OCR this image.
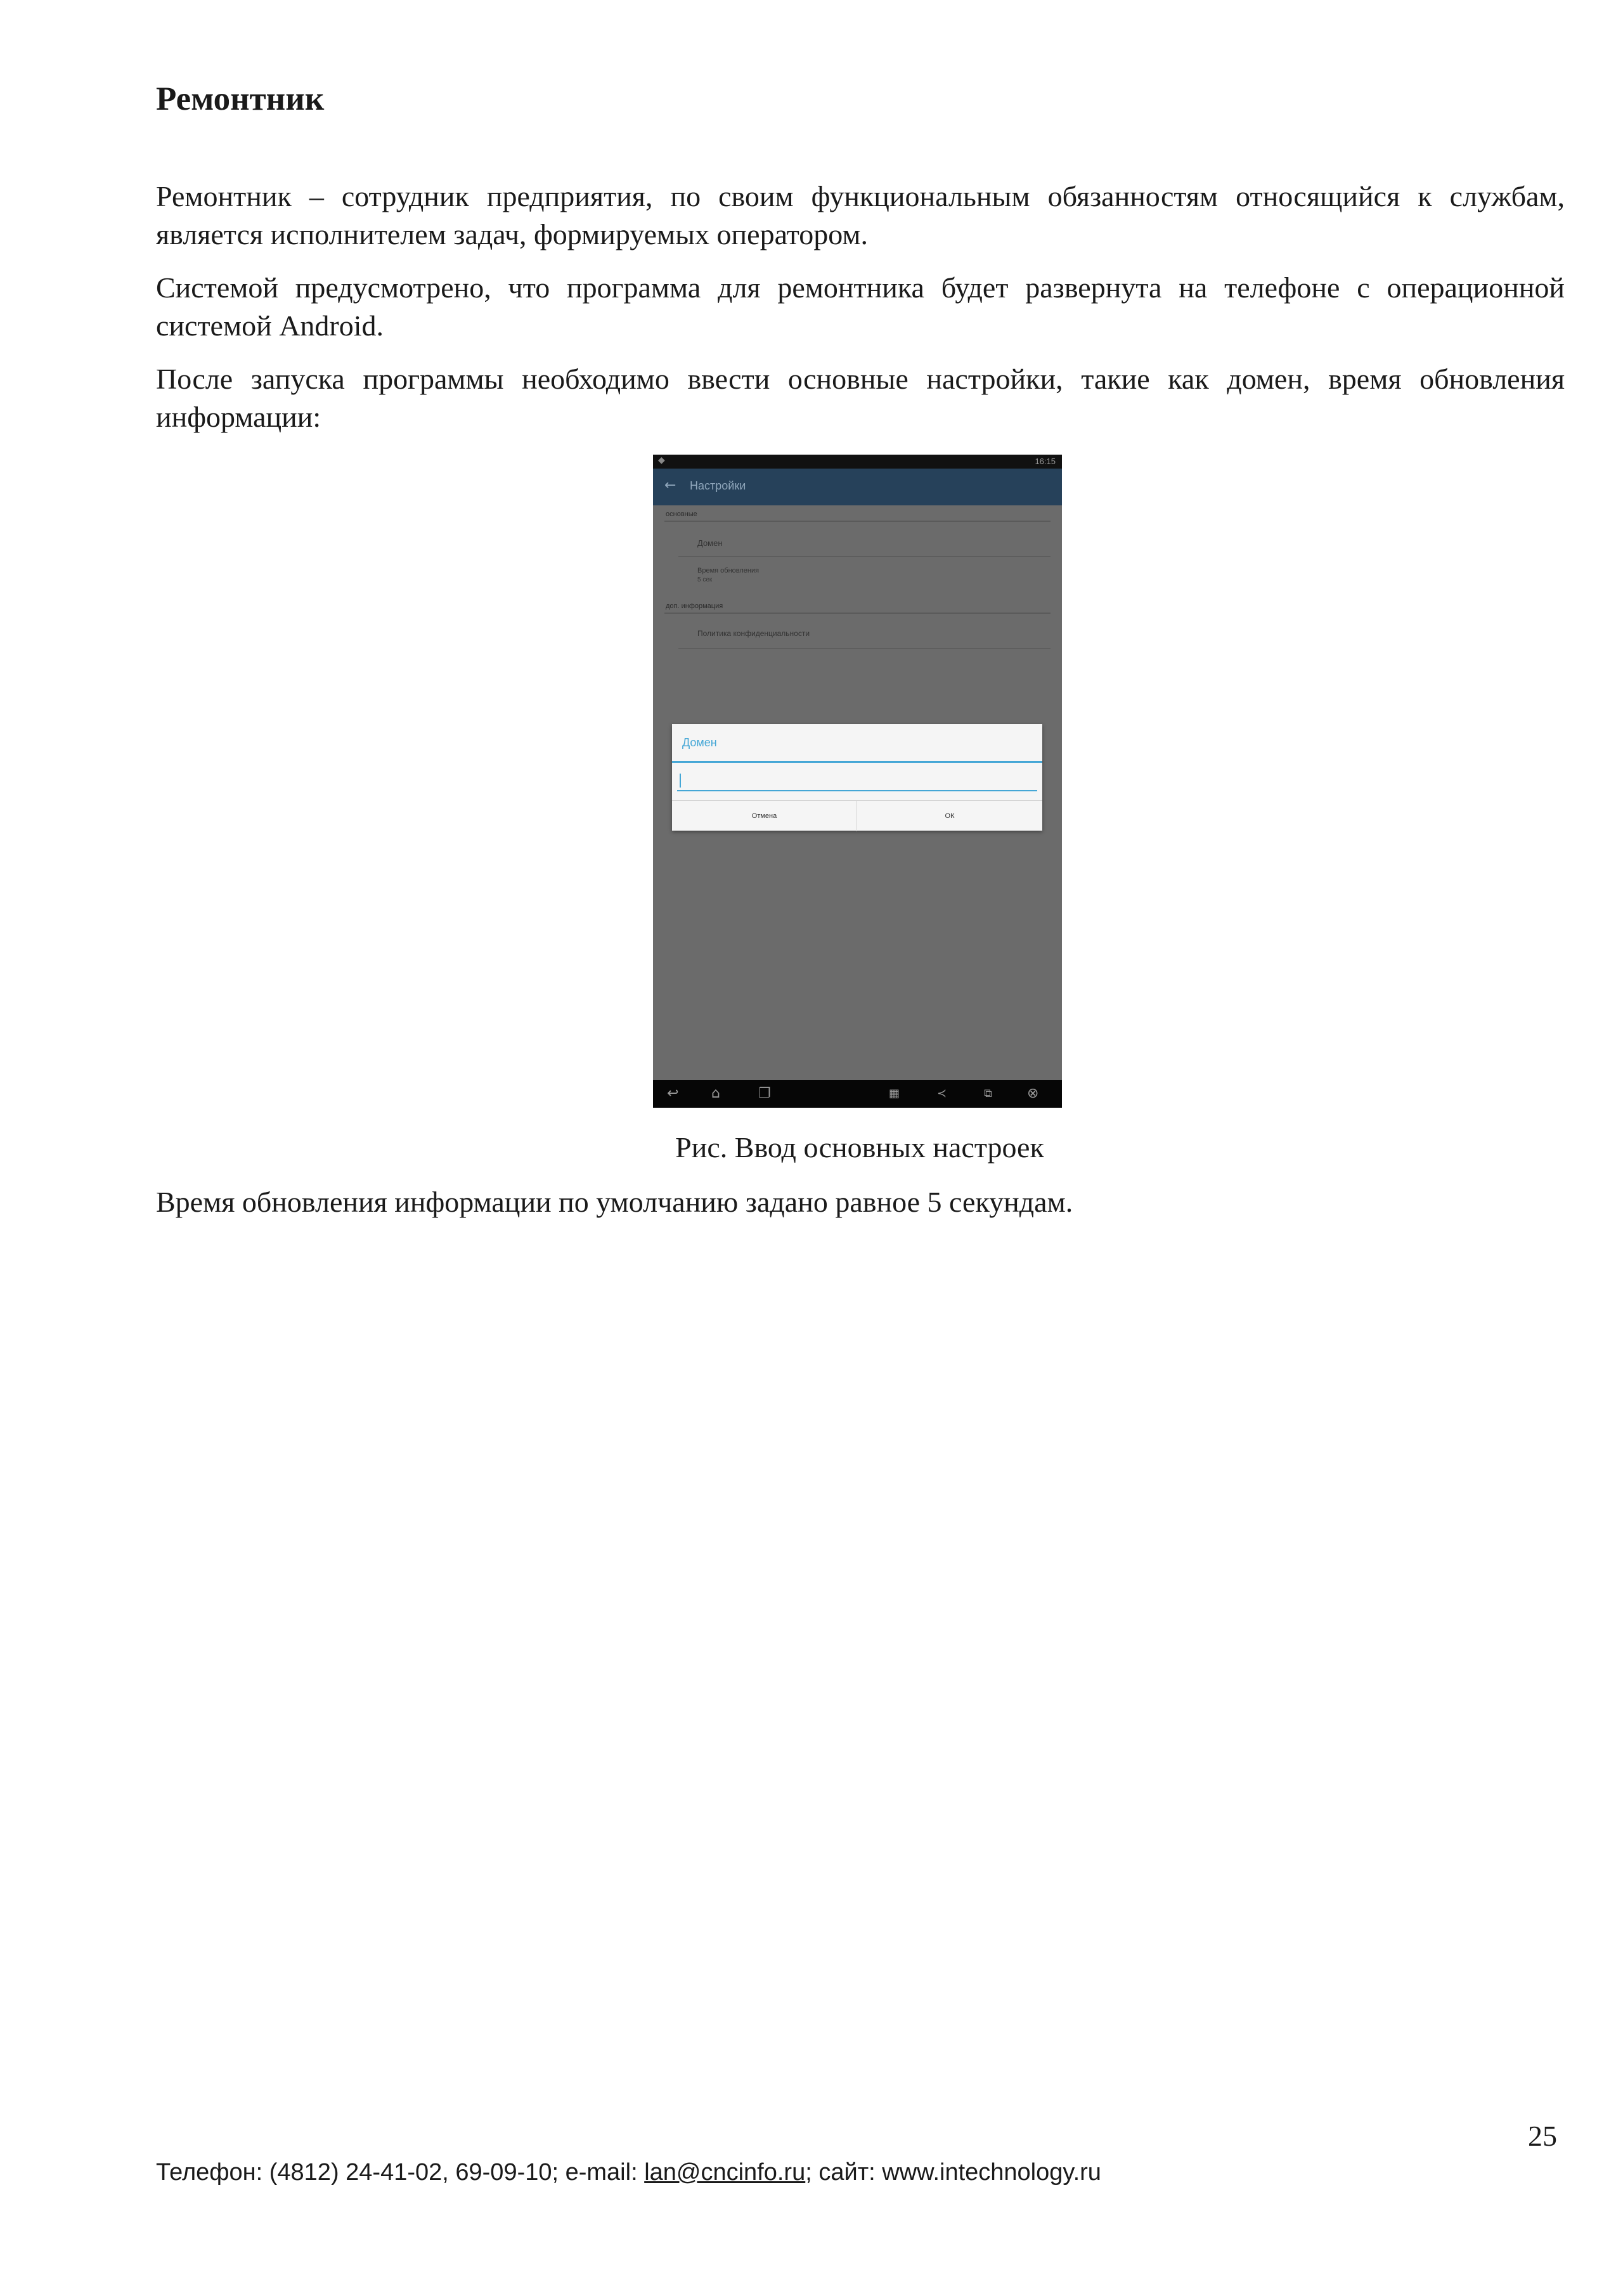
Ремонтник

Ремонтник – сотрудник предприятия, по своим функциональным обязанностям относящийся к службам, является исполнителем задач, формируемых оператором.

Системой предусмотрено, что программа для ремонтника будет развернута на телефоне с операционной системой Android.

После запуска программы необходимо ввести основные настройки, такие как домен, время обновления информации:

◆	16:15
← Настройки
основные
Домен
Время обновления
5 сек
доп. информация
Политика конфиденциальности
Домен
Отмена	ОК
↩ ⌂	❐	▦	≺	⧉	⊗

Рис. Ввод основных настроек

Время обновления информации по умолчанию задано равное 5 секундам.

25

Телефон: (4812) 24-41-02, 69-09-10; e-mail: lan@cncinfo.ru; сайт: www.intechnology.ru
